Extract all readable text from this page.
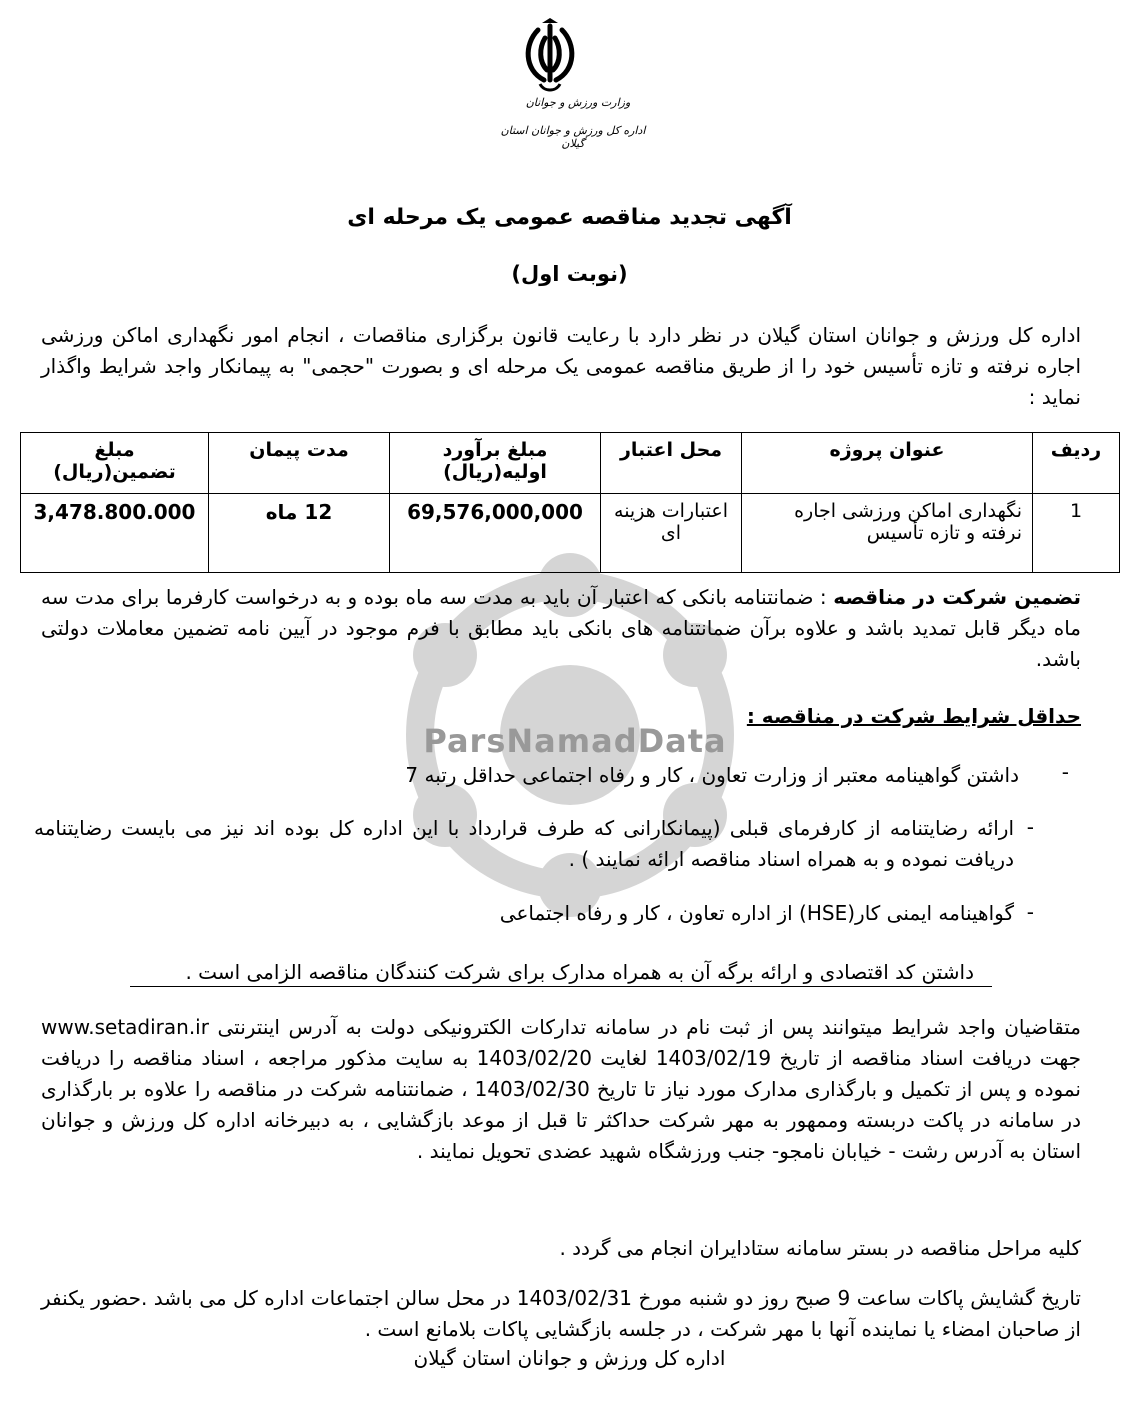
ParsNamadData
وزارت ورزش و جوانان
اداره کل ورزش و جوانان استان گیلان
آگهی تجدید مناقصه عمومی یک مرحله ای
(نوبت اول)
اداره کل ورزش و جوانان استان گیلان در نظر دارد با رعایت قانون برگزاری مناقصات ، انجام امور نگهداری اماکن ورزشی اجاره نرفته و تازه تأسیس خود را از طریق مناقصه عمومی یک مرحله ای و بصورت "حجمی" به پیمانکار واجد شرایط واگذار نماید :
ردیف	عنوان پروژه	محل اعتبار	مبلغ برآورد اولیه(ریال)	مدت پیمان	مبلغ تضمین(ریال)
1	نگهداری اماکن ورزشی اجاره نرفته و تازه تأسیس	اعتبارات هزینه ای	69,576,000,000	12 ماه	3,478.800.000
تضمین شرکت در مناقصه : ضمانتنامه بانکی که اعتبار آن باید به مدت سه ماه بوده و به درخواست کارفرما برای مدت سه ماه دیگر قابل تمدید باشد و علاوه برآن ضمانتنامه های بانکی باید مطابق با فرم موجود در آیین نامه تضمین معاملات دولتی باشد.
حداقل شرایط شرکت در مناقصه :
-
داشتن گواهینامه معتبر از وزارت تعاون ، کار و رفاه اجتماعی حداقل رتبه 7
-
ارائه رضایتنامه از کارفرمای قبلی (پیمانکارانی که طرف قرارداد با این اداره کل بوده اند نیز می بایست رضایتنامه دریافت نموده و به همراه اسناد مناقصه ارائه نمایند ) .
-
گواهینامه ایمنی کار(HSE) از اداره تعاون ، کار و رفاه اجتماعی
داشتن کد اقتصادی و ارائه برگه آن به همراه مدارک برای شرکت کنندگان مناقصه الزامی است .
متقاضیان واجد شرایط میتوانند پس از ثبت نام در سامانه تدارکات الکترونیکی دولت به آدرس اینترنتی www.setadiran.ir جهت دریافت اسناد مناقصه از تاریخ 1403/02/19 لغایت 1403/02/20 به سایت مذکور مراجعه ، اسناد مناقصه را دریافت نموده و پس از تکمیل و بارگذاری مدارک مورد نیاز تا تاریخ 1403/02/30 ، ضمانتنامه شرکت در مناقصه را علاوه بر بارگذاری در سامانه در پاکت دربسته وممهور به مهر شرکت حداکثر تا قبل از موعد بازگشایی ، به دبیرخانه اداره کل ورزش و جوانان استان به آدرس رشت - خیابان نامجو- جنب ورزشگاه شهید عضدی تحویل نمایند .
کلیه مراحل مناقصه در بستر سامانه ستادایران انجام می گردد .
تاریخ گشایش پاکات ساعت 9 صبح روز دو شنبه مورخ 1403/02/31 در محل سالن اجتماعات اداره کل می باشد .حضور یکنفر از صاحبان امضاء یا نماینده آنها با مهر شرکت ، در جلسه بازگشایی پاکات بلامانع است .
اداره کل ورزش و جوانان استان گیلان
